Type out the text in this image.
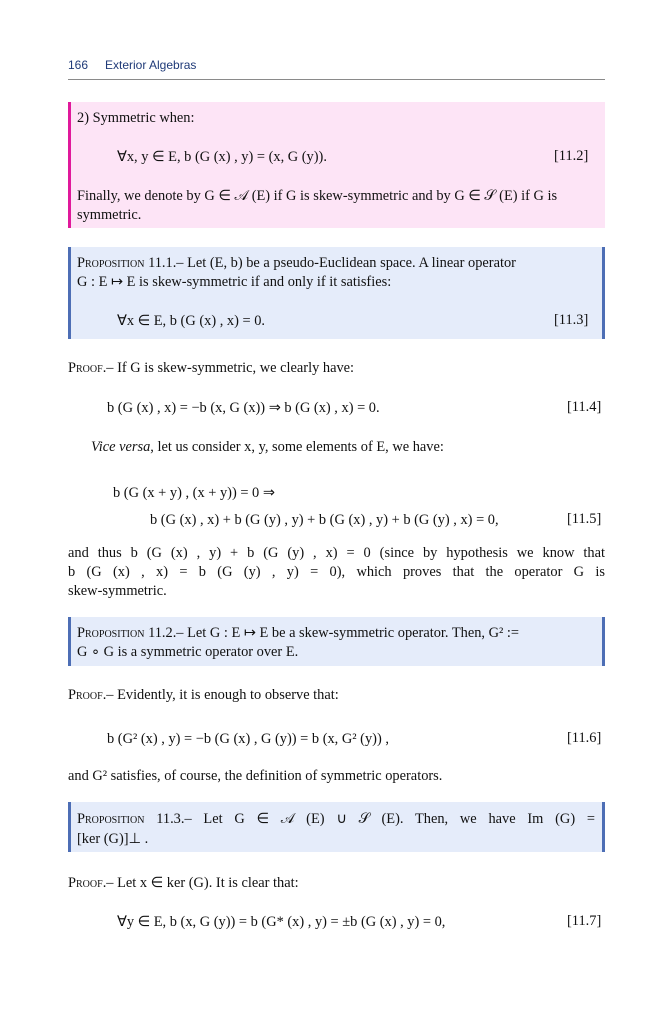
166 Exterior Algebras
2) Symmetric when:
∀x, y ∈ E, b (G (x) , y) = (x, G (y)).	[11.2]
Finally, we denote by G ∈ 𝒜 (E) if G is skew-symmetric and by G ∈ 𝒮 (E) if G is
symmetric.
Proposition 11.1.– Let (E, b) be a pseudo-Euclidean space. A linear operator
G : E ↦ E is skew-symmetric if and only if it satisfies:
∀x ∈ E, b (G (x) , x) = 0.	[11.3]
Proof.– If G is skew-symmetric, we clearly have:
b (G (x) , x) = −b (x, G (x)) ⇒ b (G (x) , x) = 0.	[11.4]
Vice versa, let us consider x, y, some elements of E, we have:
b (G (x + y) , (x + y)) = 0 ⇒
b (G (x) , x) + b (G (y) , y) + b (G (x) , y) + b (G (y) , x) = 0,	[11.5]
and thus b (G (x) , y) + b (G (y) , x) = 0 (since by hypothesis we know that
b (G (x) , x) = b (G (y) , y) = 0), which proves that the operator G is
skew-symmetric.
Proposition 11.2.– Let G : E ↦ E be a skew-symmetric operator. Then, G² :=
G ∘ G is a symmetric operator over E.
Proof.– Evidently, it is enough to observe that:
b (G² (x) , y) = −b (G (x) , G (y)) = b (x, G² (y)) ,	[11.6]
and G² satisfies, of course, the definition of symmetric operators.
Proposition 11.3.– Let G ∈ 𝒜 (E) ∪ 𝒮 (E). Then, we have Im (G) =
[ker (G)]⊥ .
Proof.– Let x ∈ ker (G). It is clear that:
∀y ∈ E, b (x, G (y)) = b (G* (x) , y) = ±b (G (x) , y) = 0,	[11.7]
